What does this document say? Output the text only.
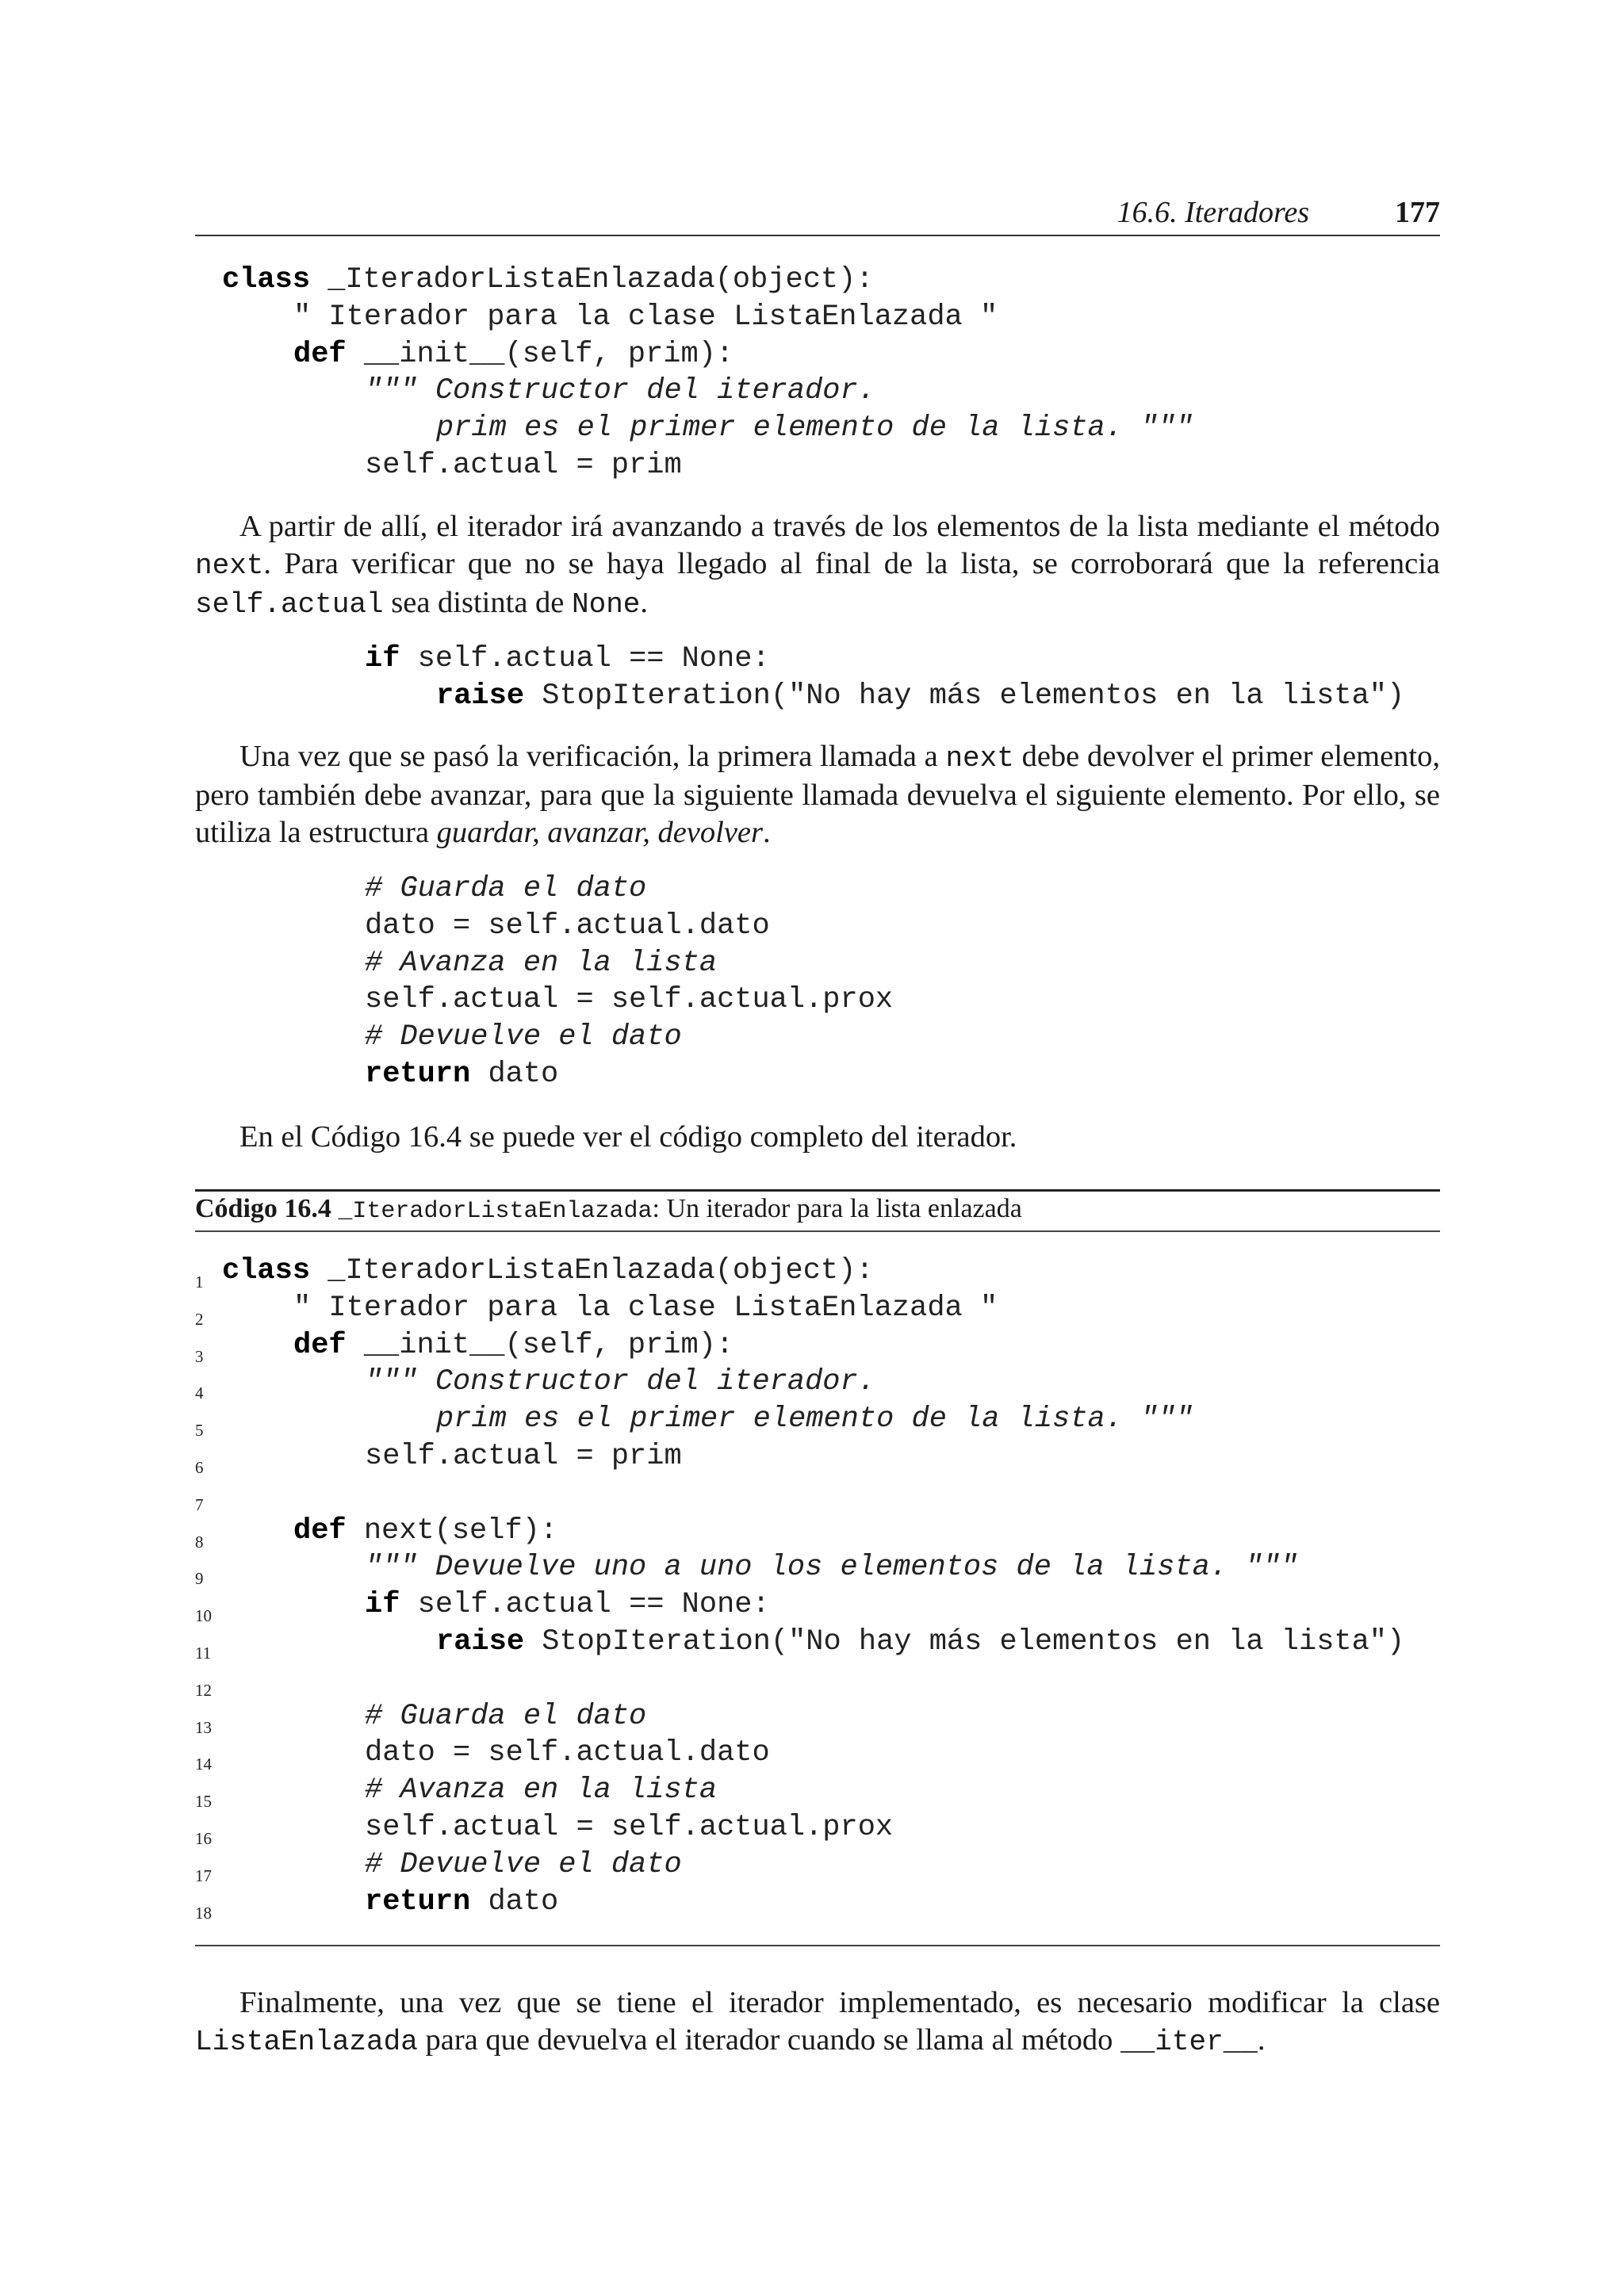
16.6. Iteradores	177
class _IteradorListaEnlazada(object):
" Iterador para la clase ListaEnlazada "
def __init__(self, prim):
""" Constructor del iterador.
prim es el primer elemento de la lista. """
self.actual = prim

A partir de allí, el iterador irá avanzando a través de los elementos de la lista mediante el método next. Para verificar que no se haya llegado al final de la lista, se corroborará que la referencia self.actual sea distinta de None.

if self.actual == None:
raise StopIteration("No hay más elementos en la lista")

Una vez que se pasó la verificación, la primera llamada a next debe devolver el primer elemento, pero también debe avanzar, para que la siguiente llamada devuelva el siguiente elemento. Por ello, se utiliza la estructura guardar, avanzar, devolver.

# Guarda el dato
dato = self.actual.dato
# Avanza en la lista
self.actual = self.actual.prox
# Devuelve el dato
return dato

En el Código 16.4 se puede ver el código completo del iterador.

Código 16.4 _IteradorListaEnlazada: Un iterador para la lista enlazada
1 class _IteradorListaEnlazada(object):
2	" Iterador para la clase ListaEnlazada "
3	def __init__(self, prim):
4	""" Constructor del iterador.
5	prim es el primer elemento de la lista. """
6	self.actual = prim
7
8	def next(self):
9	""" Devuelve uno a uno los elementos de la lista. """
10	if self.actual == None:
11	raise StopIteration("No hay más elementos en la lista")
12
13	# Guarda el dato
14	dato = self.actual.dato
15	# Avanza en la lista
16	self.actual = self.actual.prox
17	# Devuelve el dato
18	return dato

Finalmente, una vez que se tiene el iterador implementado, es necesario modificar la clase ListaEnlazada para que devuelva el iterador cuando se llama al método __iter__.
